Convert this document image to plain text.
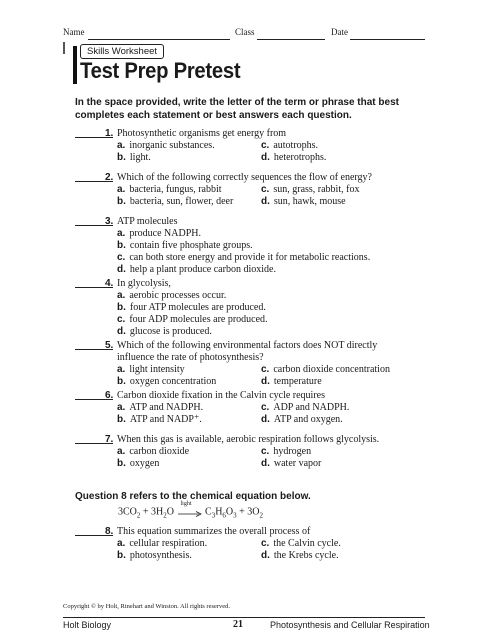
Name	Class	Date
Skills Worksheet
Test Prep Pretest
In the space provided, write the letter of the term or phrase that best completes each statement or best answers each question.
1. Photosynthetic organisms get energy from
a. inorganic substances.	c. autotrophs.
b. light.	d. heterotrophs.
2. Which of the following correctly sequences the flow of energy?
a. bacteria, fungus, rabbit	c. sun, grass, rabbit, fox
b. bacteria, sun, flower, deer	d. sun, hawk, mouse
3. ATP molecules
a. produce NADPH.
b. contain five phosphate groups.
c. can both store energy and provide it for metabolic reactions.
d. help a plant produce carbon dioxide.
4. In glycolysis,
a. aerobic processes occur.
b. four ATP molecules are produced.
c. four ADP molecules are produced.
d. glucose is produced.
5. Which of the following environmental factors does NOT directly
influence the rate of photosynthesis?
a. light intensity	c. carbon dioxide concentration
b. oxygen concentration	d. temperature
6. Carbon dioxide fixation in the Calvin cycle requires
a. ATP and NADPH.	c. ADP and NADPH.
b. ATP and NADP⁺.	d. ATP and oxygen.
7. When this gas is available, aerobic respiration follows glycolysis.
a. carbon dioxide	c. hydrogen
b. oxygen	d. water vapor
Question 8 refers to the chemical equation below.
$3CO_2 + 3H_2O$
light
$C_3H_6O_3 + 3O_2$
8. This equation summarizes the overall process of
a. cellular respiration.	c. the Calvin cycle.
b. photosynthesis.	d. the Krebs cycle.
Copyright © by Holt, Rinehart and Winston. All rights reserved.
Holt Biology	21	Photosynthesis and Cellular Respiration
